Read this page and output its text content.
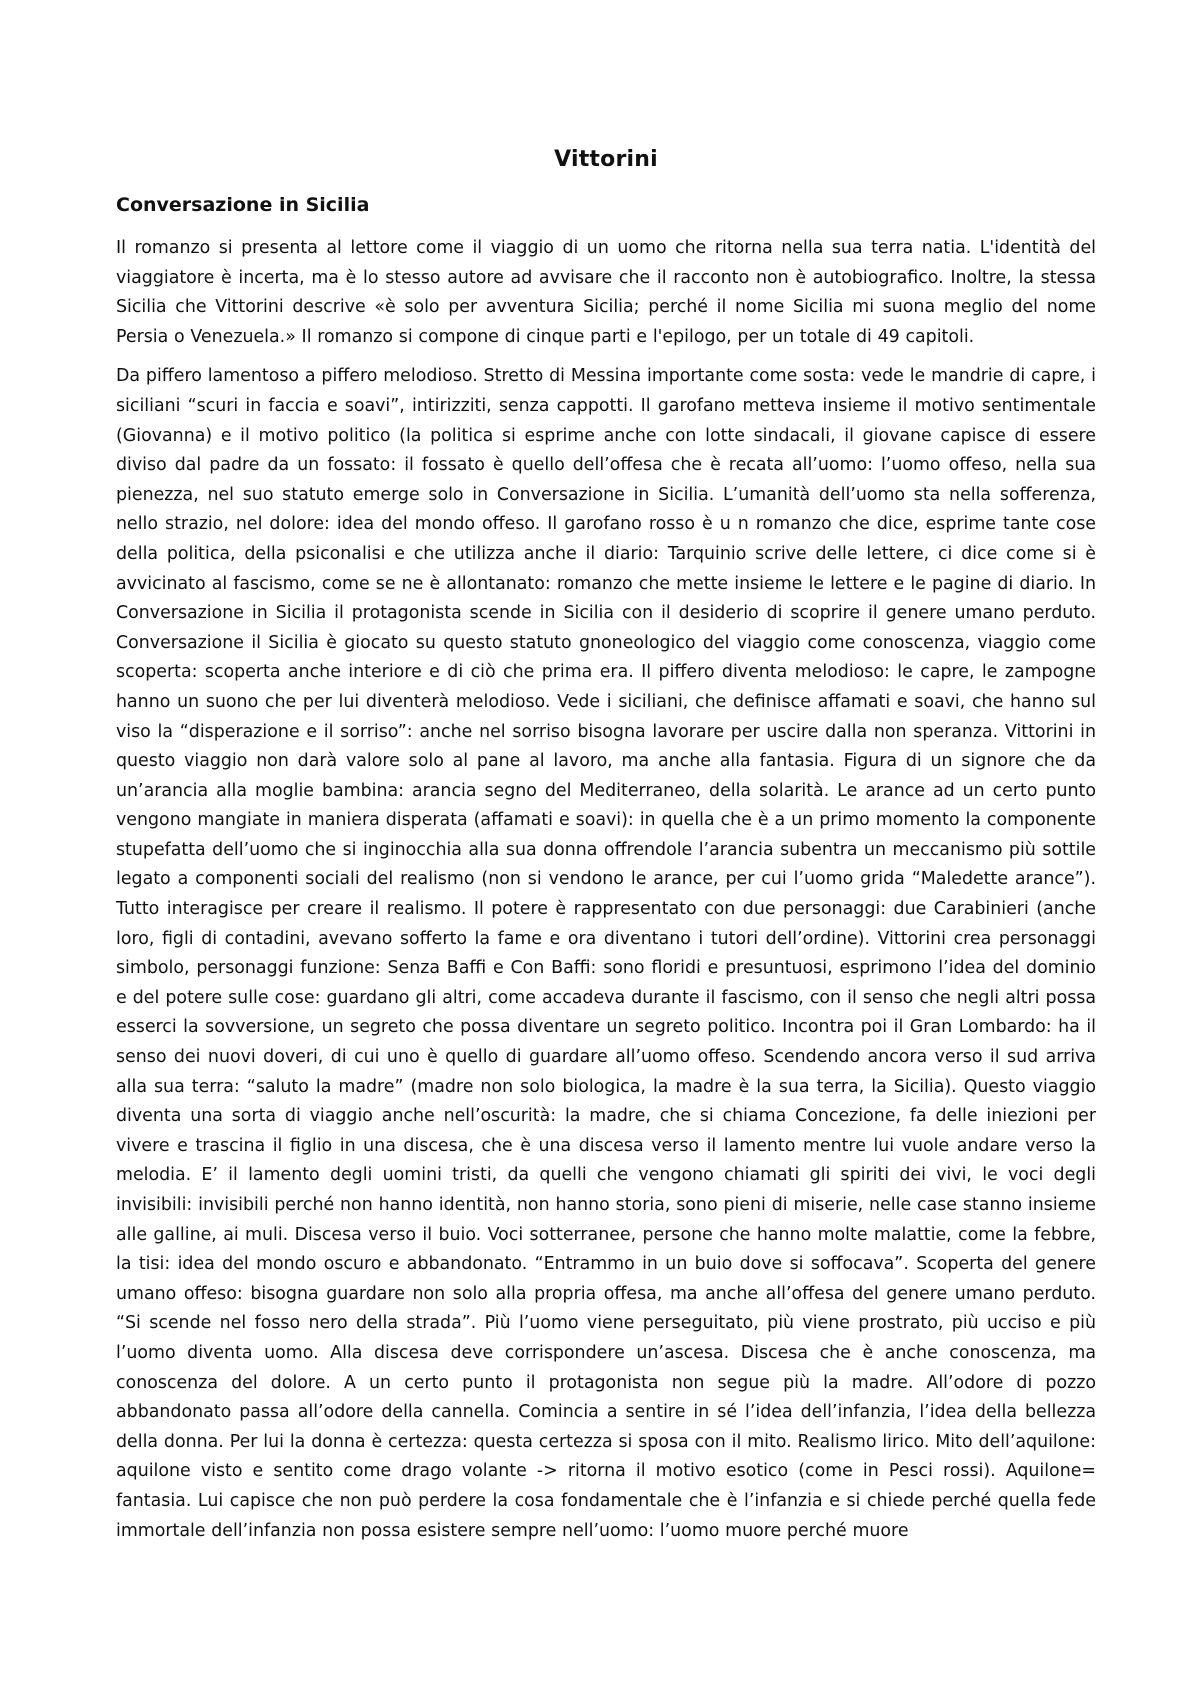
Vittorini
Conversazione in Sicilia

Il romanzo si presenta al lettore come il viaggio di un uomo che ritorna nella sua terra natia. L'identità del viaggiatore è incerta, ma è lo stesso autore ad avvisare che il racconto non è autobiografico. Inoltre, la stessa Sicilia che Vittorini descrive «è solo per avventura Sicilia; perché il nome Sicilia mi suona meglio del nome Persia o Venezuela.» Il romanzo si compone di cinque parti e l'epilogo, per un totale di 49 capitoli.

Da piffero lamentoso a piffero melodioso. Stretto di Messina importante come sosta: vede le mandrie di capre, i siciliani “scuri in faccia e soavi”, intirizziti, senza cappotti. Il garofano metteva insieme il motivo sentimentale (Giovanna) e il motivo politico (la politica si esprime anche con lotte sindacali, il giovane capisce di essere diviso dal padre da un fossato: il fossato è quello dell’offesa che è recata all’uomo: l’uomo offeso, nella sua pienezza, nel suo statuto emerge solo in Conversazione in Sicilia. L’umanità dell’uomo sta nella sofferenza, nello strazio, nel dolore: idea del mondo offeso. Il garofano rosso è u n romanzo che dice, esprime tante cose della politica, della psiconalisi e che utilizza anche il diario: Tarquinio scrive delle lettere, ci dice come si è avvicinato al fascismo, come se ne è allontanato: romanzo che mette insieme le lettere e le pagine di diario. In Conversazione in Sicilia il protagonista scende in Sicilia con il desiderio di scoprire il genere umano perduto. Conversazione il Sicilia è giocato su questo statuto gnoneologico del viaggio come conoscenza, viaggio come scoperta: scoperta anche interiore e di ciò che prima era. Il piffero diventa melodioso: le capre, le zampogne hanno un suono che per lui diventerà melodioso. Vede i siciliani, che definisce affamati e soavi, che hanno sul viso la “disperazione e il sorriso”: anche nel sorriso bisogna lavorare per uscire dalla non speranza. Vittorini in questo viaggio non darà valore solo al pane al lavoro, ma anche alla fantasia. Figura di un signore che da un’arancia alla moglie bambina: arancia segno del Mediterraneo, della solarità. Le arance ad un certo punto vengono mangiate in maniera disperata (affamati e soavi): in quella che è a un primo momento la componente stupefatta dell’uomo che si inginocchia alla sua donna offrendole l’arancia subentra un meccanismo più sottile legato a componenti sociali del realismo (non si vendono le arance, per cui l’uomo grida “Maledette arance”). Tutto interagisce per creare il realismo. Il potere è rappresentato con due personaggi: due Carabinieri (anche loro, figli di contadini, avevano sofferto la fame e ora diventano i tutori dell’ordine). Vittorini crea personaggi simbolo, personaggi funzione: Senza Baffi e Con Baffi: sono floridi e presuntuosi, esprimono l’idea del dominio e del potere sulle cose: guardano gli altri, come accadeva durante il fascismo, con il senso che negli altri possa esserci la sovversione, un segreto che possa diventare un segreto politico. Incontra poi il Gran Lombardo: ha il senso dei nuovi doveri, di cui uno è quello di guardare all’uomo offeso. Scendendo ancora verso il sud arriva alla sua terra: “saluto la madre” (madre non solo biologica, la madre è la sua terra, la Sicilia). Questo viaggio diventa una sorta di viaggio anche nell’oscurità: la madre, che si chiama Concezione, fa delle iniezioni per vivere e trascina il figlio in una discesa, che è una discesa verso il lamento mentre lui vuole andare verso la melodia. E’ il lamento degli uomini tristi, da quelli che vengono chiamati gli spiriti dei vivi, le voci degli invisibili: invisibili perché non hanno identità, non hanno storia, sono pieni di miserie, nelle case stanno insieme alle galline, ai muli. Discesa verso il buio. Voci sotterranee, persone che hanno molte malattie, come la febbre, la tisi: idea del mondo oscuro e abbandonato. “Entrammo in un buio dove si soffocava”. Scoperta del genere umano offeso: bisogna guardare non solo alla propria offesa, ma anche all’offesa del genere umano perduto. “Si scende nel fosso nero della strada”. Più l’uomo viene perseguitato, più viene prostrato, più ucciso e più l’uomo diventa uomo. Alla discesa deve corrispondere un’ascesa. Discesa che è anche conoscenza, ma conoscenza del dolore. A un certo punto il protagonista non segue più la madre. All’odore di pozzo abbandonato passa all’odore della cannella. Comincia a sentire in sé l’idea dell’infanzia, l’idea della bellezza della donna. Per lui la donna è certezza: questa certezza si sposa con il mito. Realismo lirico. Mito dell’aquilone: aquilone visto e sentito come drago volante -> ritorna il motivo esotico (come in Pesci rossi). Aquilone= fantasia. Lui capisce che non può perdere la cosa fondamentale che è l’infanzia e si chiede perché quella fede immortale dell’infanzia non possa esistere sempre nell’uomo: l’uomo muore perché muore
